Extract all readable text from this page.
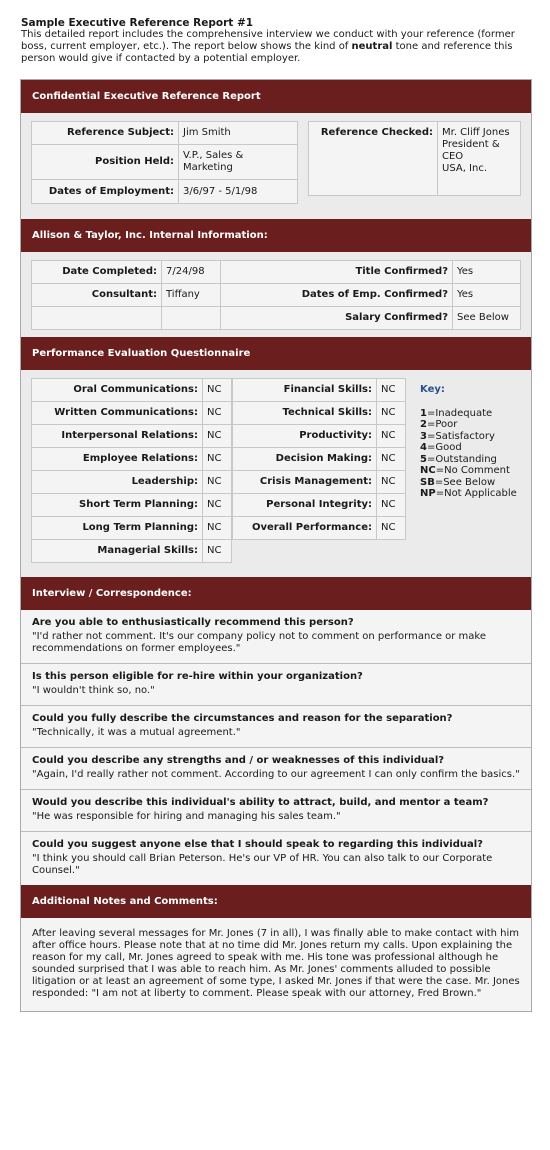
Sample Executive Reference Report #1

This detailed report includes the comprehensive interview we conduct with your reference (former boss, current employer, etc.). The report below shows the kind of neutral tone and reference this person would give if contacted by a potential employer.

Confidential Executive Reference Report
Reference Subject:	Jim Smith
Position Held:	V.P., Sales & Marketing
Dates of Employment:	3/6/97 - 5/1/98
Reference Checked:	Mr. Cliff Jones
President & CEO
USA, Inc.
Allison & Taylor, Inc. Internal Information:
Date Completed:	7/24/98	Title Confirmed?	Yes
Consultant:	Tiffany	Dates of Emp. Confirmed?	Yes
		Salary Confirmed?	See Below
Performance Evaluation Questionnaire
Oral Communications:	NC
Written Communications:	NC
Interpersonal Relations:	NC
Employee Relations:	NC
Leadership:	NC
Short Term Planning:	NC
Long Term Planning:	NC
Managerial Skills:	NC
Financial Skills:	NC
Technical Skills:	NC
Productivity:	NC
Decision Making:	NC
Crisis Management:	NC
Personal Integrity:	NC
Overall Performance:	NC
Key:
1=Inadequate
2=Poor
3=Satisfactory
4=Good
5=Outstanding
NC=No Comment
SB=See Below
NP=Not Applicable
Interview / Correspondence:
Are you able to enthusiastically recommend this person?
"I'd rather not comment. It's our company policy not to comment on performance or make recommendations on former employees."
Is this person eligible for re-hire within your organization?
"I wouldn't think so, no."
Could you fully describe the circumstances and reason for the separation?
"Technically, it was a mutual agreement."
Could you describe any strengths and / or weaknesses of this individual?
"Again, I'd really rather not comment. According to our agreement I can only confirm the basics."
Would you describe this individual's ability to attract, build, and mentor a team?
"He was responsible for hiring and managing his sales team."
Could you suggest anyone else that I should speak to regarding this individual?
"I think you should call Brian Peterson. He's our VP of HR. You can also talk to our Corporate Counsel."
Additional Notes and Comments:
After leaving several messages for Mr. Jones (7 in all), I was finally able to make contact with him after office hours. Please note that at no time did Mr. Jones return my calls. Upon explaining the reason for my call, Mr. Jones agreed to speak with me. His tone was professional although he sounded surprised that I was able to reach him. As Mr. Jones' comments alluded to possible litigation or at least an agreement of some type, I asked Mr. Jones if that were the case. Mr. Jones responded: "I am not at liberty to comment. Please speak with our attorney, Fred Brown."
